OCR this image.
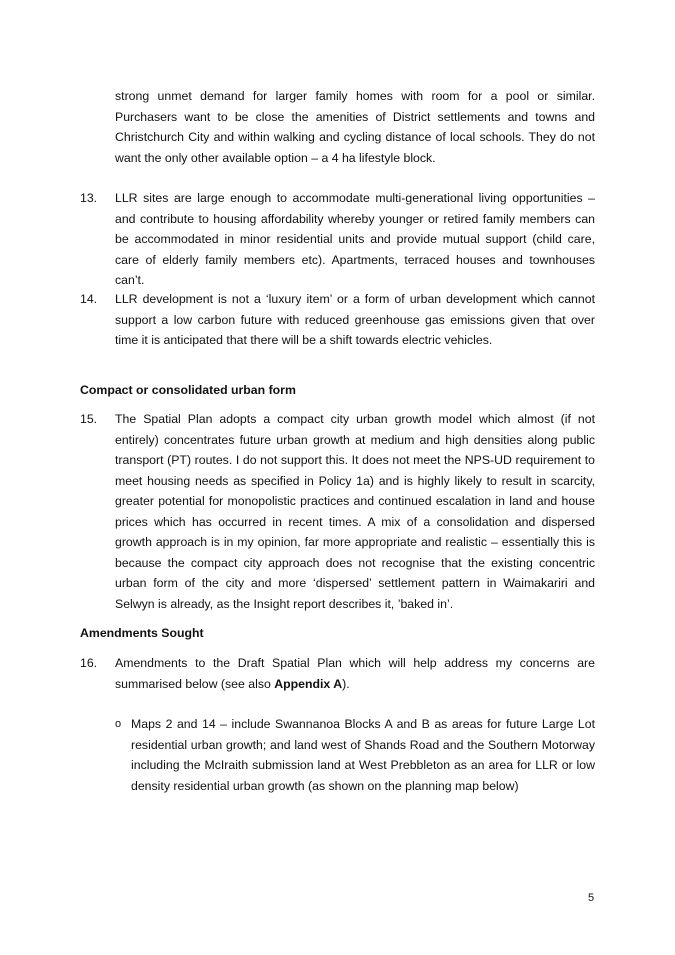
strong unmet demand for larger family homes with room for a pool or similar. Purchasers want to be close the amenities of District settlements and towns and Christchurch City and within walking and cycling distance of local schools. They do not want the only other available option – a 4 ha lifestyle block.

13.	LLR sites are large enough to accommodate multi-generational living opportunities – and contribute to housing affordability whereby younger or retired family members can be accommodated in minor residential units and provide mutual support (child care, care of elderly family members etc). Apartments, terraced houses and townhouses can’t.
14.	LLR development is not a ‘luxury item’ or a form of urban development which cannot support a low carbon future with reduced greenhouse gas emissions given that over time it is anticipated that there will be a shift towards electric vehicles.
Compact or consolidated urban form
15.	The Spatial Plan adopts a compact city urban growth model which almost (if not entirely) concentrates future urban growth at medium and high densities along public transport (PT) routes. I do not support this. It does not meet the NPS-UD requirement to meet housing needs as specified in Policy 1a) and is highly likely to result in scarcity, greater potential for monopolistic practices and continued escalation in land and house prices which has occurred in recent times. A mix of a consolidation and dispersed growth approach is in my opinion, far more appropriate and realistic – essentially this is because the compact city approach does not recognise that the existing concentric urban form of the city and more ‘dispersed’ settlement pattern in Waimakariri and Selwyn is already, as the Insight report describes it, ’baked in’.
Amendments Sought
16.	Amendments to the Draft Spatial Plan which will help address my concerns are summarised below (see also Appendix A).
o Maps 2 and 14 – include Swannanoa Blocks A and B as areas for future Large Lot residential urban growth; and land west of Shands Road and the Southern Motorway including the McIraith submission land at West Prebbleton as an area for LLR or low density residential urban growth (as shown on the planning map below)
5
